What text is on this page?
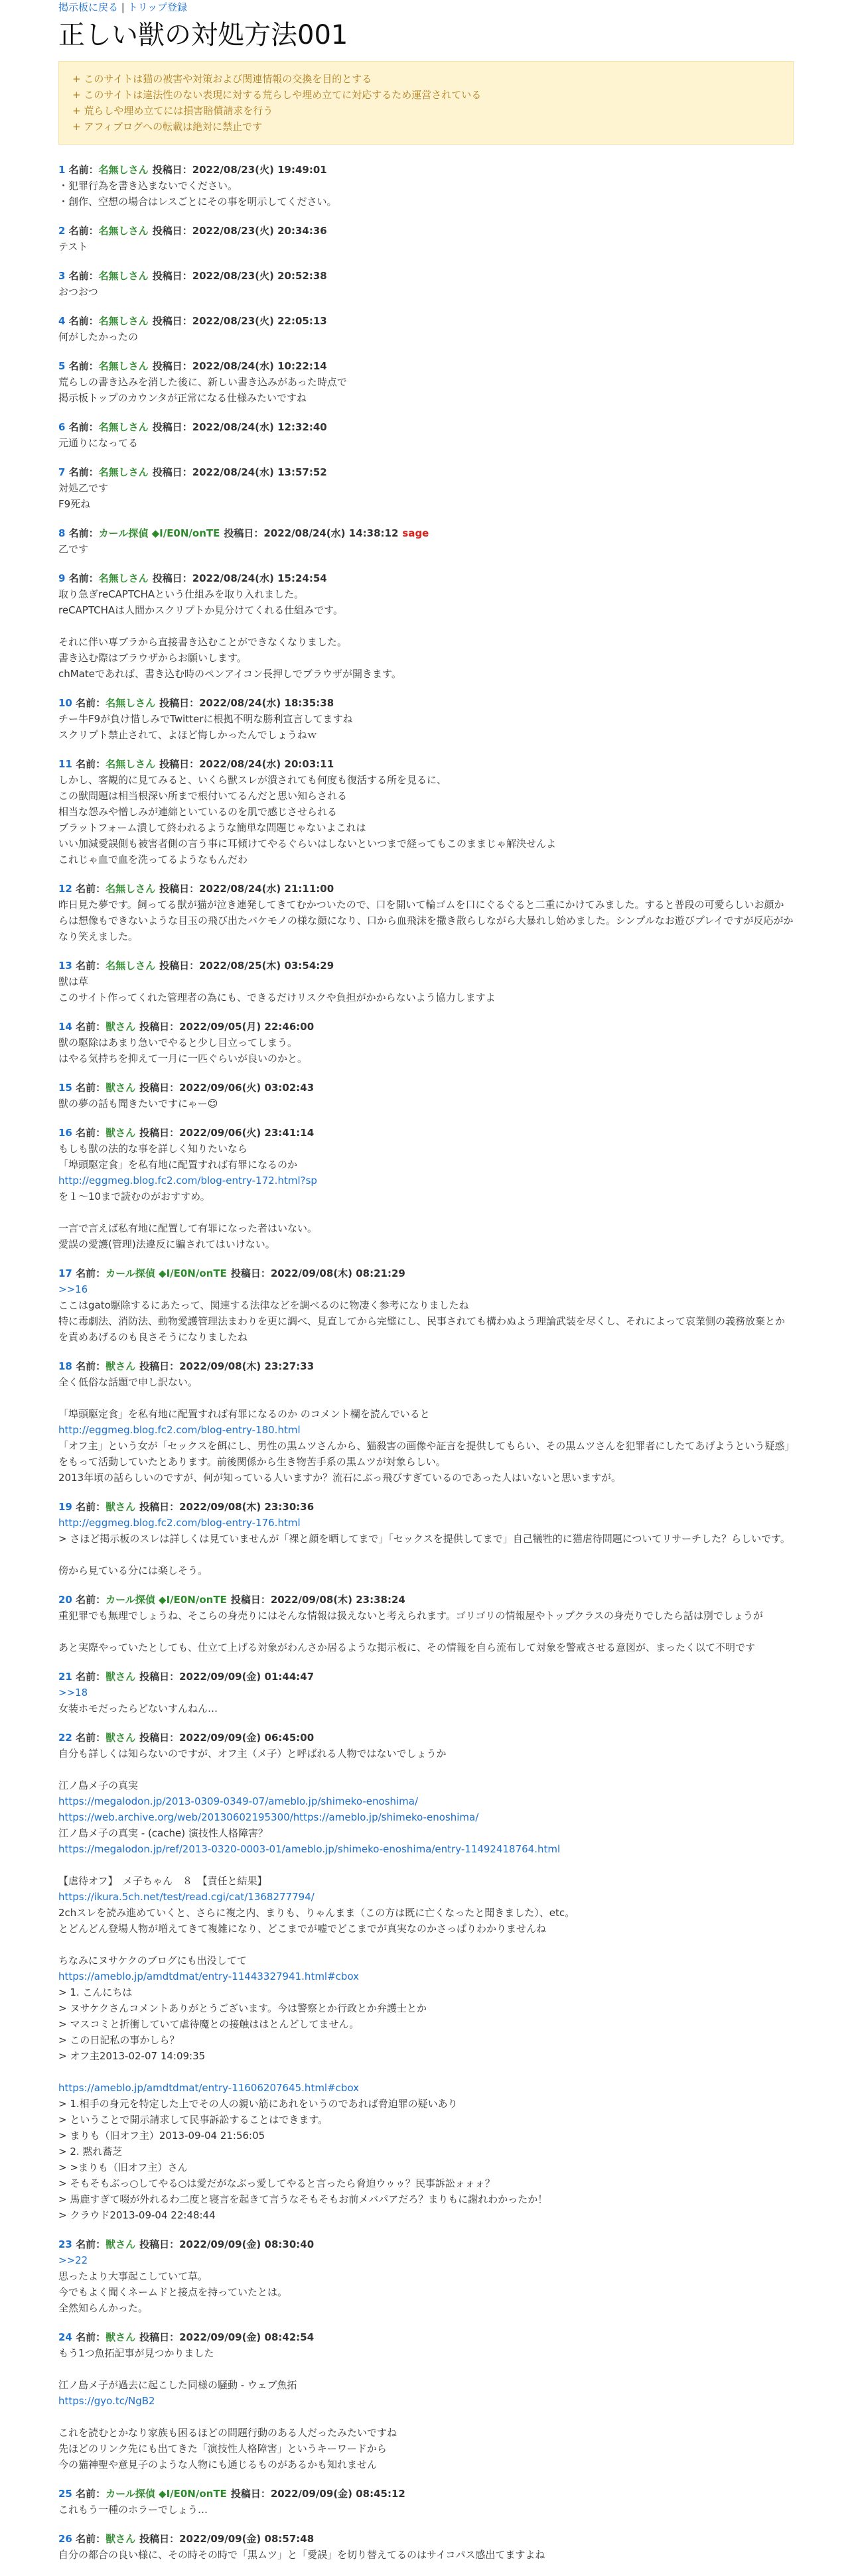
掲示板に戻る | トリップ登録
正しい獣の対処方法001
+ このサイトは猫の被害や対策および関連情報の交換を目的とする
+ このサイトは違法性のない表現に対する荒らしや埋め立てに対応するため運営されている
+ 荒らしや埋め立てには損害賠償請求を行う
+ アフィブログへの転載は絶対に禁止です
1 名前：名無しさん 投稿日：2022/08/23(火) 19:49:01
・犯罪行為を書き込まないでください。
・創作、空想の場合はレスごとにその事を明示してください。
2 名前：名無しさん 投稿日：2022/08/23(火) 20:34:36
テスト
3 名前：名無しさん 投稿日：2022/08/23(火) 20:52:38
おつおつ
4 名前：名無しさん 投稿日：2022/08/23(火) 22:05:13
何がしたかったの
5 名前：名無しさん 投稿日：2022/08/24(水) 10:22:14
荒らしの書き込みを消した後に、新しい書き込みがあった時点で
掲示板トップのカウンタが正常になる仕様みたいですね
6 名前：名無しさん 投稿日：2022/08/24(水) 12:32:40
元通りになってる
7 名前：名無しさん 投稿日：2022/08/24(水) 13:57:52
対処乙です
F9死ね
8 名前：カール探偵 ◆I/E0N/onTE 投稿日：2022/08/24(水) 14:38:12 sage
乙です
9 名前：名無しさん 投稿日：2022/08/24(水) 15:24:54
取り急ぎreCAPTCHAという仕組みを取り入れました。
reCAPTCHAは人間かスクリプトか見分けてくれる仕組みです。
それに伴い専ブラから直接書き込むことができなくなりました。
書き込む際はブラウザからお願いします。
chMateであれば、書き込む時のペンアイコン長押しでブラウザが開きます。
10 名前：名無しさん 投稿日：2022/08/24(水) 18:35:38
チー牛F9が負け惜しみでTwitterに根拠不明な勝利宣言してますね
スクリプト禁止されて、よほど悔しかったんでしょうねｗ
11 名前：名無しさん 投稿日：2022/08/24(水) 20:03:11
しかし、客観的に見てみると、いくら獣スレが潰されても何度も復活する所を見るに、
この獣問題は相当根深い所まで根付いてるんだと思い知らされる
相当な怨みや憎しみが連綿といているのを肌で感じさせられる
ブラットフォーム潰して終われるような簡単な問題じゃないよこれは
いい加減愛誤側も被害者側の言う事に耳傾けてやるぐらいはしないといつまで経ってもこのままじゃ解決せんよ
これじゃ血で血を洗ってるようなもんだわ
12 名前：名無しさん 投稿日：2022/08/24(水) 21:11:00
昨日見た夢です。飼ってる獣が猫が泣き連発してきてむかついたので、口を開いて輪ゴムを口にぐるぐると二重にかけてみました。すると普段の可愛らしいお顔からは想像もできないような目玉の飛び出たバケモノの様な顔になり、口から血飛沫を撒き散らしながら大暴れし始めました。シンプルなお遊びプレイですが反応がかなり笑えました。
13 名前：名無しさん 投稿日：2022/08/25(木) 03:54:29
獣は草
このサイト作ってくれた管理者の為にも、できるだけリスクや負担がかからないよう協力しますよ
14 名前：獣さん 投稿日：2022/09/05(月) 22:46:00
獣の駆除はあまり急いでやると少し目立ってしまう。
はやる気持ちを抑えて一月に一匹ぐらいが良いのかと。
15 名前：獣さん 投稿日：2022/09/06(火) 03:02:43
獣の夢の話も聞きたいですにゃー😊
16 名前：獣さん 投稿日：2022/09/06(火) 23:41:14
もしも獣の法的な事を詳しく知りたいなら
「埠頭駆定食」を私有地に配置すれば有罪になるのか
http://eggmeg.blog.fc2.com/blog-entry-172.html?sp
を１〜10まで読むのがおすすめ。
一言で言えば私有地に配置して有罪になった者はいない。
愛誤の愛護(管理)法違反に騙されてはいけない。
17 名前：カール探偵 ◆I/E0N/onTE 投稿日：2022/09/08(木) 08:21:29
>>16
ここはgato駆除するにあたって、関連する法律などを調べるのに物凄く参考になりましたね
特に毒劇法、消防法、動物愛護管理法まわりを更に調べ、見直してから完璧にし、民事されても構わぬよう理論武装を尽くし、それによって哀業側の義務放棄とかを責めあげるのも良さそうになりましたね
18 名前：獣さん 投稿日：2022/09/08(木) 23:27:33
全く低俗な話題で申し訳ない。
「埠頭駆定食」を私有地に配置すれば有罪になるのか のコメント欄を読んでいると
http://eggmeg.blog.fc2.com/blog-entry-180.html
「オフ主」という女が「セックスを餌にし、男性の黒ムツさんから、猫殺害の画像や証言を提供してもらい、その黒ムツさんを犯罪者にしたてあげようという疑惑」をもって活動していたとあります。前後関係から生き物苦手系の黒ムツが対象らしい。
2013年頃の話らしいのですが、何が知っている人いますか？流石にぶっ飛びすぎているのであった人はいないと思いますが。
19 名前：獣さん 投稿日：2022/09/08(木) 23:30:36
http://eggmeg.blog.fc2.com/blog-entry-176.html
> さほど掲示板のスレは詳しくは見ていませんが「裸と顔を晒してまで」「セックスを提供してまで」自己犠牲的に猫虐待問題についてリサーチした？らしいです。
傍から見ている分には楽しそう。
20 名前：カール探偵 ◆I/E0N/onTE 投稿日：2022/09/08(木) 23:38:24
重犯罪でも無理でしょうね、そこらの身売りにはそんな情報は扱えないと考えられます。ゴリゴリの情報屋やトップクラスの身売りでしたら話は別でしょうが
あと実際やっていたとしても、仕立て上げる対象がわんさか居るような掲示板に、その情報を自ら流布して対象を警戒させる意図が、まったく以て不明です
21 名前：獣さん 投稿日：2022/09/09(金) 01:44:47
>>18
女装ホモだったらどないすんねん…
22 名前：獣さん 投稿日：2022/09/09(金) 06:45:00
自分も詳しくは知らないのですが、オフ主（メ子）と呼ばれる人物ではないでしょうか
江ノ島メ子の真実
https://megalodon.jp/2013-0309-0349-07/ameblo.jp/shimeko-enoshima/
https://web.archive.org/web/20130602195300/https://ameblo.jp/shimeko-enoshima/
江ノ島メ子の真実 - (cache) 演技性人格障害？
https://megalodon.jp/ref/2013-0320-0003-01/ameblo.jp/shimeko-enoshima/entry-11492418764.html
【虐待オフ】　メ子ちゃん　８　【責任と結果】
https://ikura.5ch.net/test/read.cgi/cat/1368277794/
2chスレを読み進めていくと、さらに複之内、まりも、りゃんまま（この方は既に亡くなったと聞きました）、etc。
とどんどん登場人物が増えてきて複雑になり、どこまでが嘘でどこまでが真実なのかさっぱりわかりませんね
ちなみにヌサケクのブログにも出没してて
https://ameblo.jp/amdtdmat/entry-11443327941.html#cbox
> 1. こんにちは
> ヌサケクさんコメントありがとうございます。今は警察とか行政とか弁護士とか
> マスコミと折衝していて虐待魔との接触ははとんどしてません。
> この日記私の事かしら？
> オフ主2013-02-07 14:09:35
https://ameblo.jp/amdtdmat/entry-11606207645.html#cbox
> 1.相手の身元を特定した上でその人の親い筋にあれをいうのであれば脅迫罪の疑いあり
> ということで開示請求して民事訴訟することはできます。
> まりも（旧オフ主）2013-09-04 21:56:05
> 2. 黙れ蕎芝
> >まりも（旧オフ主）さん
> そもそもぶっ○してやる○は愛だがなぶっ愛してやると言ったら脅迫ウゥゥ？民事訴訟ォォォ？
> 馬鹿すぎて啜が外れるわ二度と寝言を起きて言うなそもそもお前メバパアだろ？まりもに謝れわかったか！
> クラウド2013-09-04 22:48:44
23 名前：獣さん 投稿日：2022/09/09(金) 08:30:40
>>22
思ったより大事起こしていて草。
今でもよく聞くネームドと接点を持っていたとは。
全然知らんかった。
24 名前：獣さん 投稿日：2022/09/09(金) 08:42:54
もう1つ魚拓記事が見つかりました
江ノ島メ子が過去に起こした同様の騒動 - ウェブ魚拓
https://gyo.tc/NgB2
これを読むとかなり家族も困るほどの問題行動のある人だったみたいですね
先ほどのリンク先にも出てきた「演技性人格障害」というキーワードから
今の猫神聖や意見子のような人物にも通じるものがあるかも知れません
25 名前：カール探偵 ◆I/E0N/onTE 投稿日：2022/09/09(金) 08:45:12
これもう一種のホラーでしょう…
26 名前：獣さん 投稿日：2022/09/09(金) 08:57:48
自分の都合の良い様に、その時その時で「黒ムツ」と「愛誤」を切り替えてるのはサイコパス感出てますよね
